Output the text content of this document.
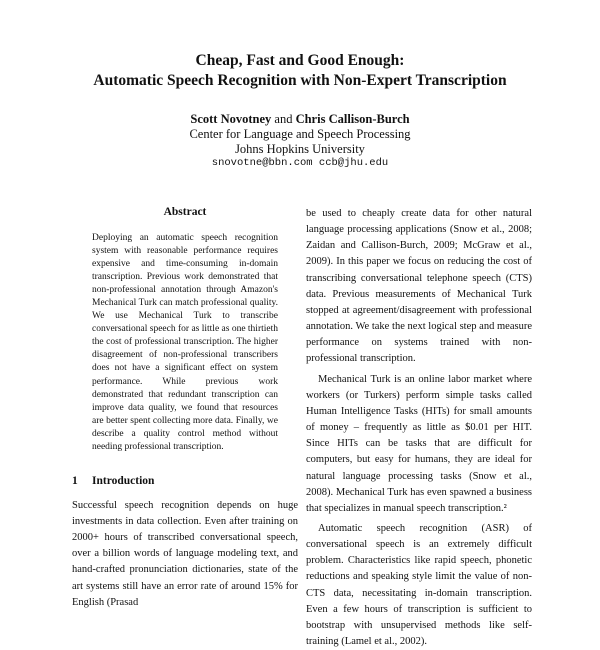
Cheap, Fast and Good Enough:
Automatic Speech Recognition with Non-Expert Transcription
Scott Novotney and Chris Callison-Burch
Center for Language and Speech Processing
Johns Hopkins University
snovotne@bbn.com ccb@jhu.edu
Abstract

Deploying an automatic speech recognition system with reasonable performance requires expensive and time-consuming in-domain transcription. Previous work demonstrated that non-professional annotation through Amazon's Mechanical Turk can match professional quality. We use Mechanical Turk to transcribe conversational speech for as little as one thirtieth the cost of professional transcription. The higher disagreement of non-professional transcribers does not have a significant effect on system performance. While previous work demonstrated that redundant transcription can improve data quality, we found that resources are better spent collecting more data. Finally, we describe a quality control method without needing professional transcription.

1 Introduction

Successful speech recognition depends on huge investments in data collection. Even after training on 2000+ hours of transcribed conversational speech, over a billion words of language modeling text, and hand-crafted pronunciation dictionaries, state of the art systems still have an error rate of around 15% for English (Prasad

be used to cheaply create data for other natural language processing applications (Snow et al., 2008; Zaidan and Callison-Burch, 2009; McGraw et al., 2009). In this paper we focus on reducing the cost of transcribing conversational telephone speech (CTS) data. Previous measurements of Mechanical Turk stopped at agreement/disagreement with professional annotation. We take the next logical step and measure performance on systems trained with non-professional transcription.

Mechanical Turk is an online labor market where workers (or Turkers) perform simple tasks called Human Intelligence Tasks (HITs) for small amounts of money – frequently as little as $0.01 per HIT. Since HITs can be tasks that are difficult for computers, but easy for humans, they are ideal for natural language processing tasks (Snow et al., 2008). Mechanical Turk has even spawned a business that specializes in manual speech transcription.²

Automatic speech recognition (ASR) of conversational speech is an extremely difficult problem. Characteristics like rapid speech, phonetic reductions and speaking style limit the value of non-CTS data, necessitating in-domain transcription. Even a few hours of transcription is sufficient to bootstrap with unsupervised methods like self-training (Lamel et al., 2002).
